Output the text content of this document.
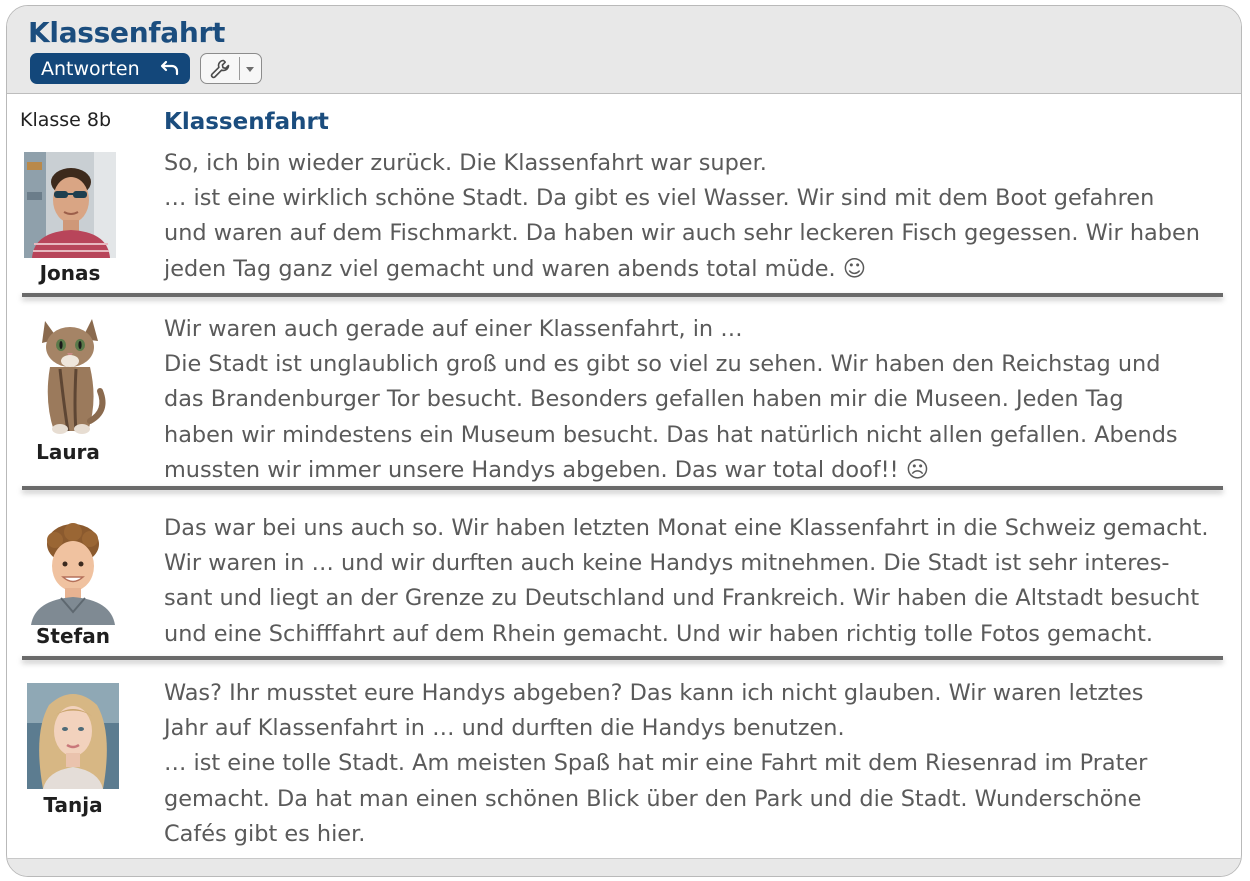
Klassenfahrt
Antworten
Klasse 8b Klassenfahrt
Jonas

So, ich bin wieder zurück. Die Klassenfahrt war super.

… ist eine wirklich schöne Stadt. Da gibt es viel Wasser. Wir sind mit dem Boot gefahren

und waren auf dem Fischmarkt. Da haben wir auch sehr leckeren Fisch gegessen. Wir haben

jeden Tag ganz viel gemacht und waren abends total müde. ☺

Laura

Wir waren auch gerade auf einer Klassenfahrt, in …

Die Stadt ist unglaublich groß und es gibt so viel zu sehen. Wir haben den Reichstag und

das Brandenburger Tor besucht. Besonders gefallen haben mir die Museen. Jeden Tag

haben wir mindestens ein Museum besucht. Das hat natürlich nicht allen gefallen. Abends

mussten wir immer unsere Handys abgeben. Das war total doof!! ☹

Stefan

Das war bei uns auch so. Wir haben letzten Monat eine Klassenfahrt in die Schweiz gemacht.

Wir waren in … und wir durften auch keine Handys mitnehmen. Die Stadt ist sehr interes-

sant und liegt an der Grenze zu Deutschland und Frankreich. Wir haben die Altstadt besucht

und eine Schifffahrt auf dem Rhein gemacht. Und wir haben richtig tolle Fotos gemacht.

Tanja

Was? Ihr musstet eure Handys abgeben? Das kann ich nicht glauben. Wir waren letztes

Jahr auf Klassenfahrt in … und durften die Handys benutzen.

… ist eine tolle Stadt. Am meisten Spaß hat mir eine Fahrt mit dem Riesenrad im Prater

gemacht. Da hat man einen schönen Blick über den Park und die Stadt. Wunderschöne

Cafés gibt es hier.
